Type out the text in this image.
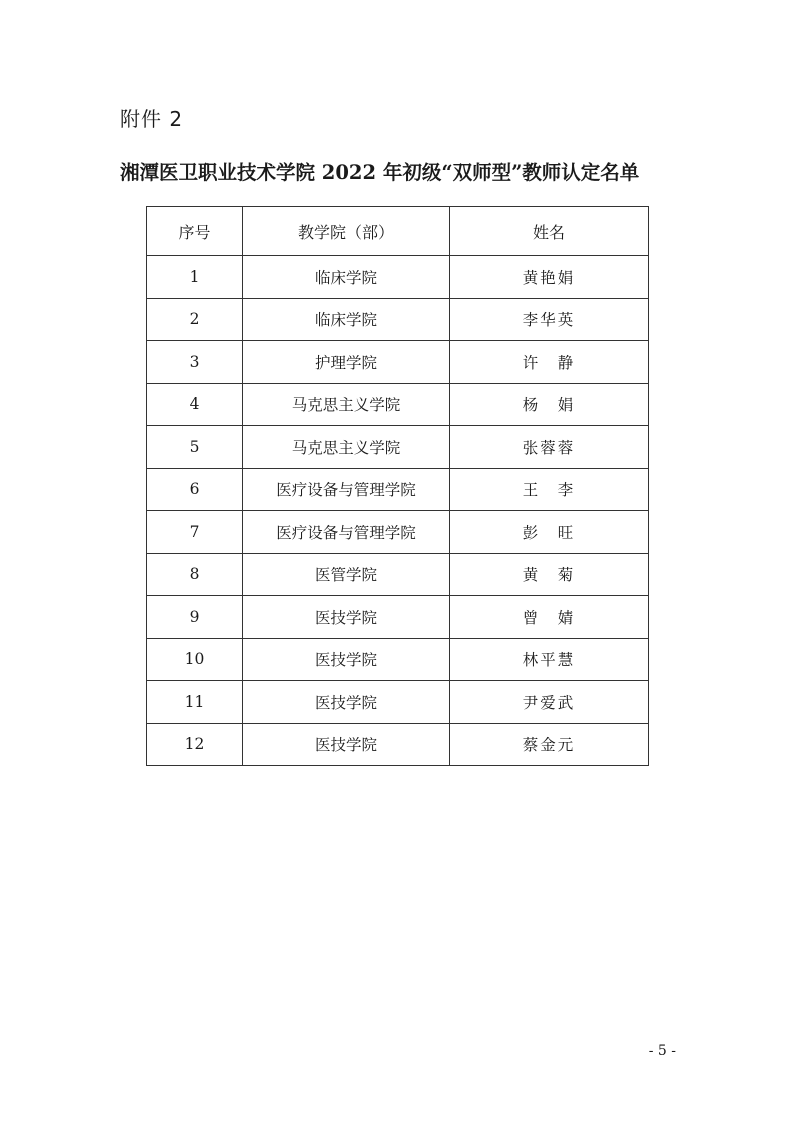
附件 2
湘潭医卫职业技术学院 2022 年初级“双师型”教师认定名单
序号	教学院（部）	姓名
1	临床学院	黄艳娟
2	临床学院	李华英
3	护理学院	许　静
4	马克思主义学院	杨　娟
5	马克思主义学院	张蓉蓉
6	医疗设备与管理学院	王　李
7	医疗设备与管理学院	彭　旺
8	医管学院	黄　菊
9	医技学院	曾　婧
10	医技学院	林平慧
11	医技学院	尹爱武
12	医技学院	蔡金元
- 5 -
